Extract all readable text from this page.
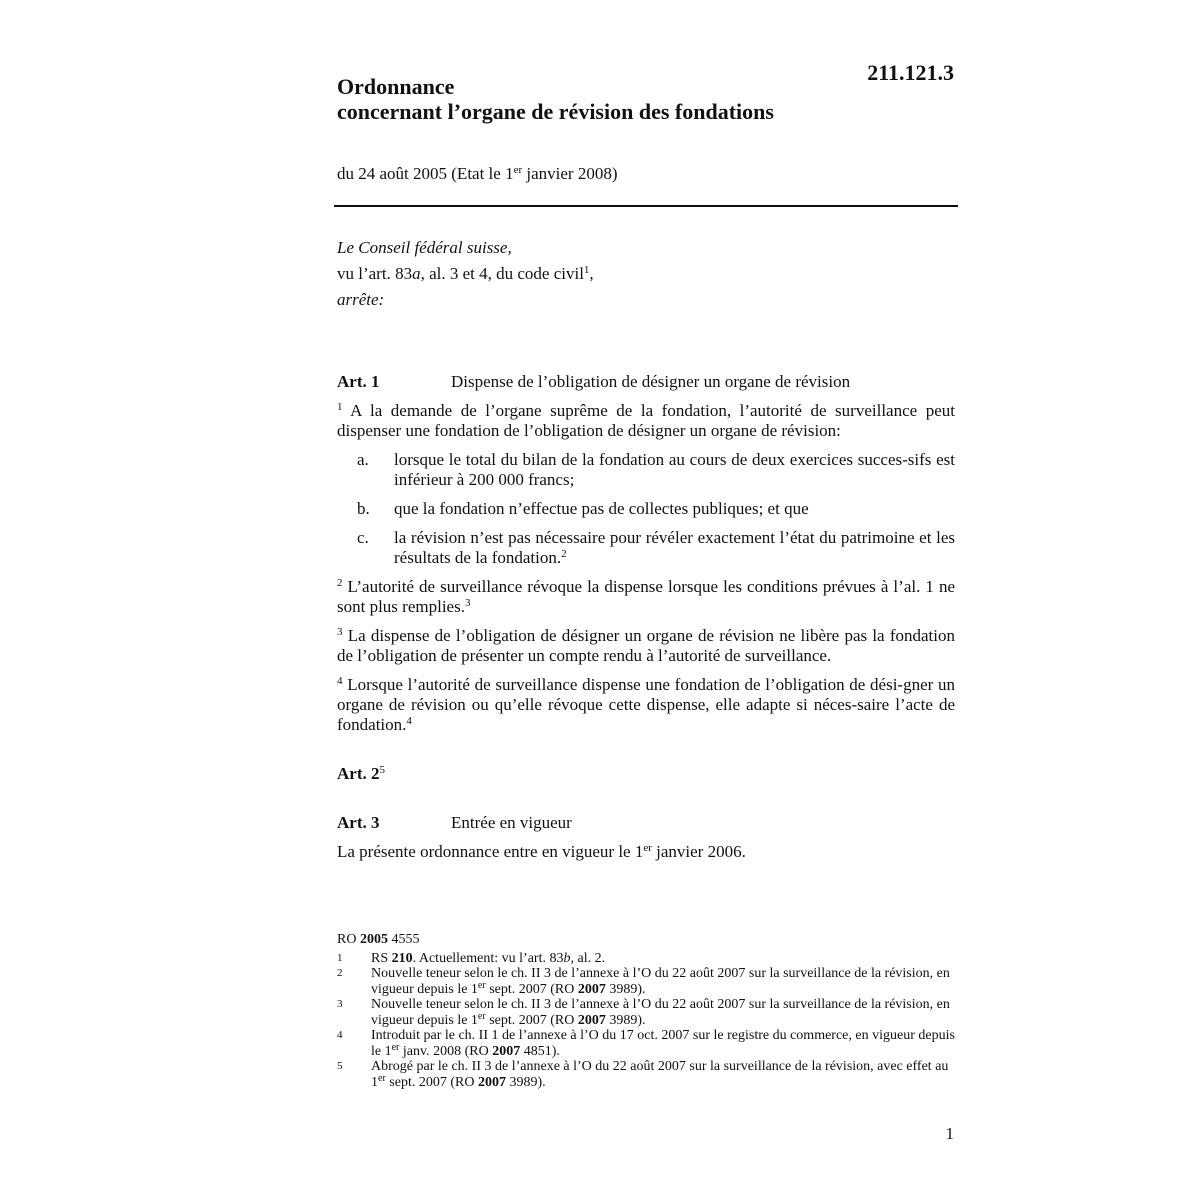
211.121.3
Ordonnance
concernant l’organe de révision des fondations
du 24 août 2005 (Etat le 1er janvier 2008)
Le Conseil fédéral suisse,
vu l’art. 83a, al. 3 et 4, du code civil$^1$,
arrête:
Art. 1	Dispense de l’obligation de désigner un organe de révision
$^1$ A la demande de l’organe suprême de la fondation, l’autorité de surveillance peut dispenser une fondation de l’obligation de désigner un organe de révision:
a.	lorsque le total du bilan de la fondation au cours de deux exercices succes-sifs est inférieur à 200 000 francs;
b.	que la fondation n’effectue pas de collectes publiques; et que
c.	la révision n’est pas nécessaire pour révéler exactement l’état du patrimoine et les résultats de la fondation.$^2$
$^2$ L’autorité de surveillance révoque la dispense lorsque les conditions prévues à l’al. 1 ne sont plus remplies.$^3$
$^3$ La dispense de l’obligation de désigner un organe de révision ne libère pas la fondation de l’obligation de présenter un compte rendu à l’autorité de surveillance.
$^4$ Lorsque l’autorité de surveillance dispense une fondation de l’obligation de dési-gner un organe de révision ou qu’elle révoque cette dispense, elle adapte si néces-saire l’acte de fondation.$^4$
Art. $2^5$
Art. 3	Entrée en vigueur
La présente ordonnance entre en vigueur le 1er janvier 2006.
RO 2005 4555
1	RS 210. Actuellement: vu l’art. 83b, al. 2.
2	Nouvelle teneur selon le ch. II 3 de l’annexe à l’O du 22 août 2007 sur la surveillance de la révision, en vigueur depuis le 1er sept. 2007 (RO 2007 3989).
3	Nouvelle teneur selon le ch. II 3 de l’annexe à l’O du 22 août 2007 sur la surveillance de la révision, en vigueur depuis le 1er sept. 2007 (RO 2007 3989).
4	Introduit par le ch. II 1 de l’annexe à l’O du 17 oct. 2007 sur le registre du commerce, en vigueur depuis le 1er janv. 2008 (RO 2007 4851).
5	Abrogé par le ch. II 3 de l’annexe à l’O du 22 août 2007 sur la surveillance de la révision, avec effet au 1er sept. 2007 (RO 2007 3989).
1
